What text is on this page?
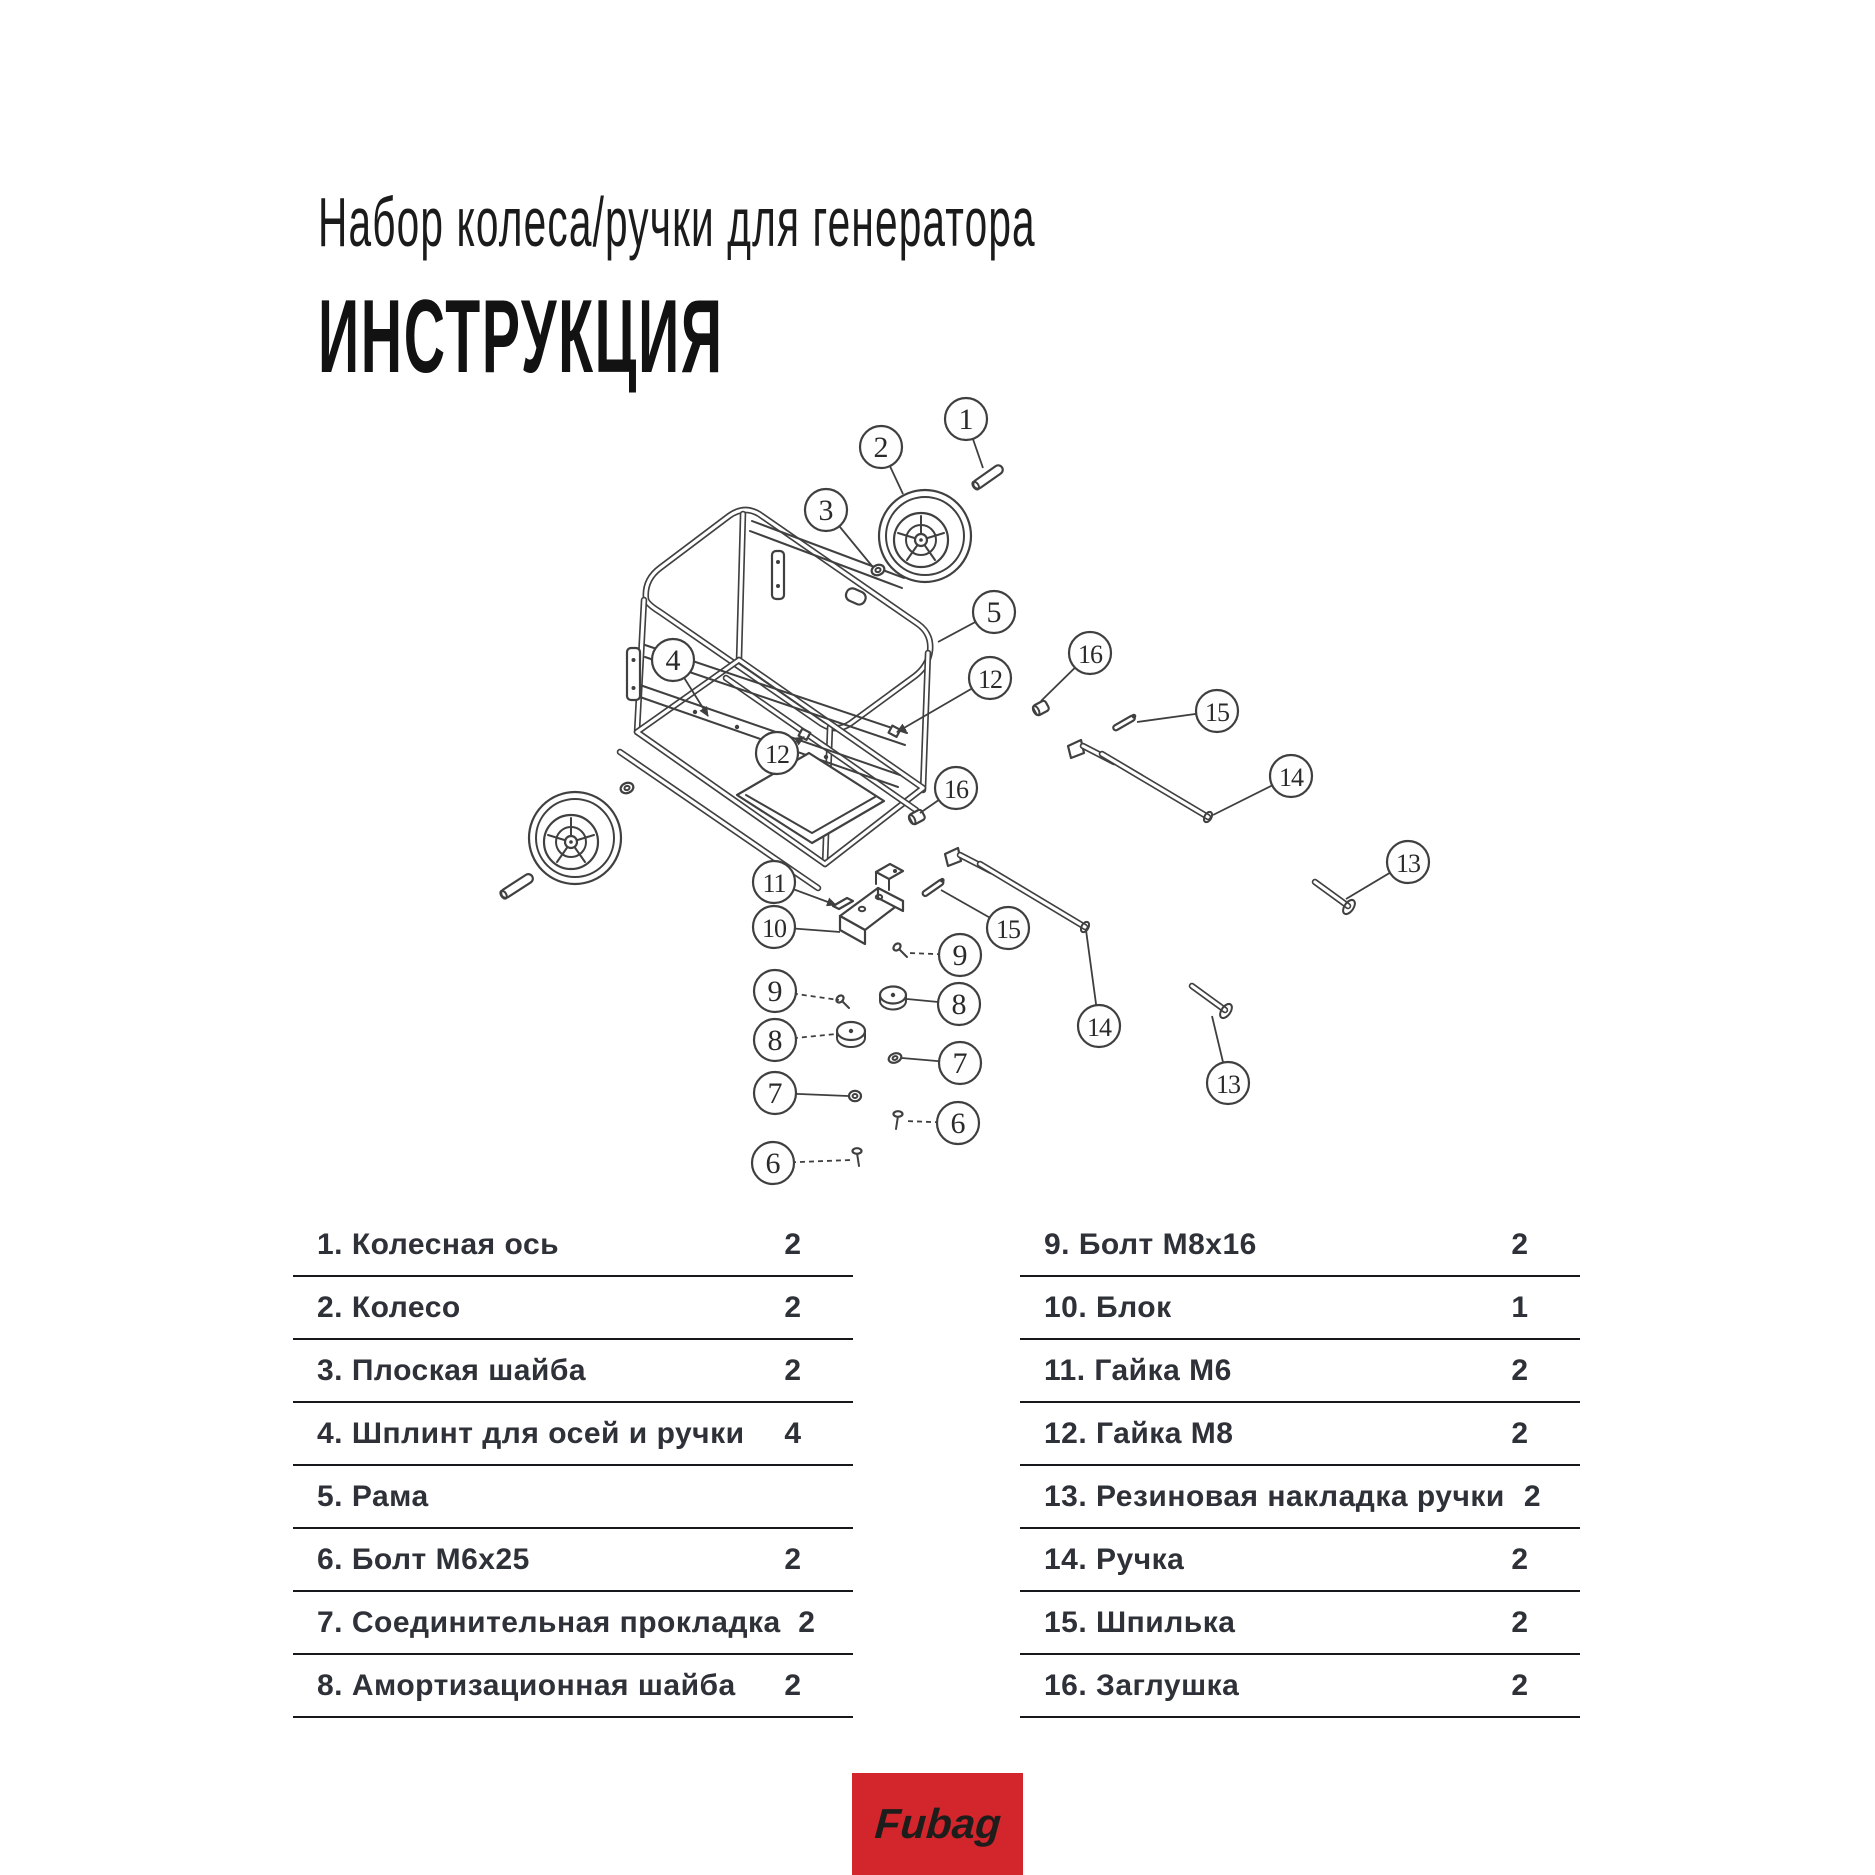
Набор колеса/ручки для генератора
ИНСТРУКЦИЯ
1
2
3
4
5
12
16
15
14
13
12
16
11
10	15
14
13
9
9	8
8
7
7
6
6
1. Колесная ось	2
2. Колесо	2
3. Плоская шайба	2
4. Шплинт для осей и ручки	4
5. Рама
6. Болт М6х25	2
7. Соединительная прокладка 2
8. Амортизационная шайба	2
9. Болт М8х16	2
10. Блок	1
11. Гайка М6	2
12. Гайка М8	2
13. Резиновая накладка ручки 2
14. Ручка	2
15. Шпилька	2
16. Заглушка	2
Fubag
